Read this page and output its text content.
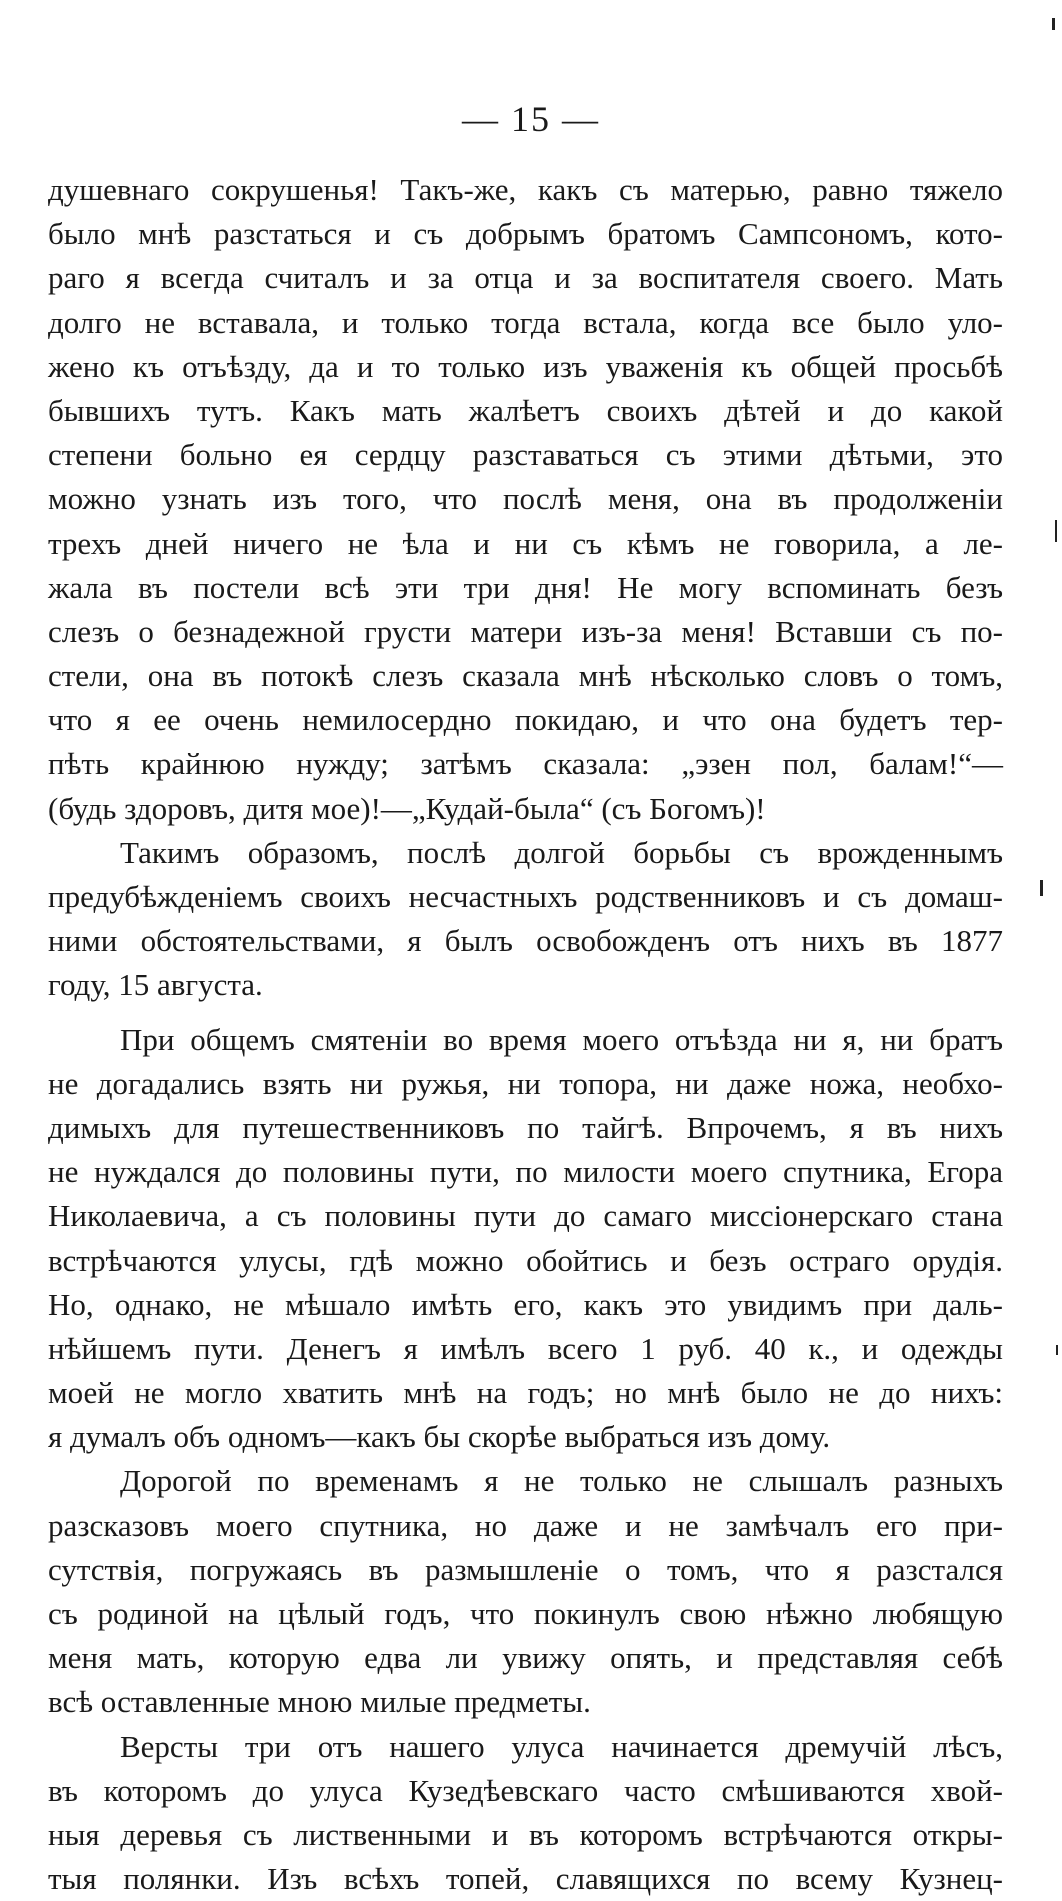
— 15 —
душевнаго сокрушенья! Такъ-же, какъ съ матерью, равно тяжело
было мнѣ разстаться и съ добрымъ братомъ Сампсономъ, кото-
раго я всегда считалъ и за отца и за воспитателя своего. Мать
долго не вставала, и только тогда встала, когда все было уло-
жено къ отъѣзду, да и то только изъ уваженія къ общей просьбѣ
бывшихъ тутъ. Какъ мать жалѣетъ своихъ дѣтей и до какой
степени больно ея сердцу разставаться съ этими дѣтьми, это
можно узнать изъ того, что послѣ меня, она въ продолженіи
трехъ дней ничего не ѣла и ни съ кѣмъ не говорила, а ле-
жала въ постели всѣ эти три дня! Не могу вспоминать безъ
слезъ о безнадежной грусти матери изъ-за меня! Вставши съ по-
стели, она въ потокѣ слезъ сказала мнѣ нѣсколько словъ о томъ,
что я ее очень немилосердно покидаю, и что она будетъ тер-
пѣть крайнюю нужду; затѣмъ сказала: „эзен пол, балам!“—
(будь здоровъ, дитя мое)!—„Кудай-была“ (съ Богомъ)!
Такимъ образомъ, послѣ долгой борьбы съ врожденнымъ
предубѣжденіемъ своихъ несчастныхъ родственниковъ и съ домаш-
ними обстоятельствами, я былъ освобожденъ отъ нихъ въ 1877
году, 15 августа.
При общемъ смятеніи во время моего отъѣзда ни я, ни братъ
не догадались взять ни ружья, ни топора, ни даже ножа, необхо-
димыхъ для путешественниковъ по тайгѣ. Впрочемъ, я въ нихъ
не нуждался до половины пути, по милости моего спутника, Егора
Николаевича, а съ половины пути до самаго миссіонерскаго стана
встрѣчаются улусы, гдѣ можно обойтись и безъ остраго орудія.
Но, однако, не мѣшало имѣть его, какъ это увидимъ при даль-
нѣйшемъ пути. Денегъ я имѣлъ всего 1 руб. 40 к., и одежды
моей не могло хватить мнѣ на годъ; но мнѣ было не до нихъ:
я думалъ объ одномъ—какъ бы скорѣе выбраться изъ дому.
Дорогой по временамъ я не только не слышалъ разныхъ
разсказовъ моего спутника, но даже и не замѣчалъ его при-
сутствія, погружаясь въ размышленіе о томъ, что я разстался
съ родиной на цѣлый годъ, что покинулъ свою нѣжно любящую
меня мать, которую едва ли увижу опять, и представляя себѣ
всѣ оставленные мною милые предметы.
Версты три отъ нашего улуса начинается дремучій лѣсъ,
въ которомъ до улуса Кузедѣевскаго часто смѣшиваются хвой-
ныя деревья съ лиственными и въ которомъ встрѣчаются откры-
тыя полянки. Изъ всѣхъ топей, славящихся по всему Кузнец-
